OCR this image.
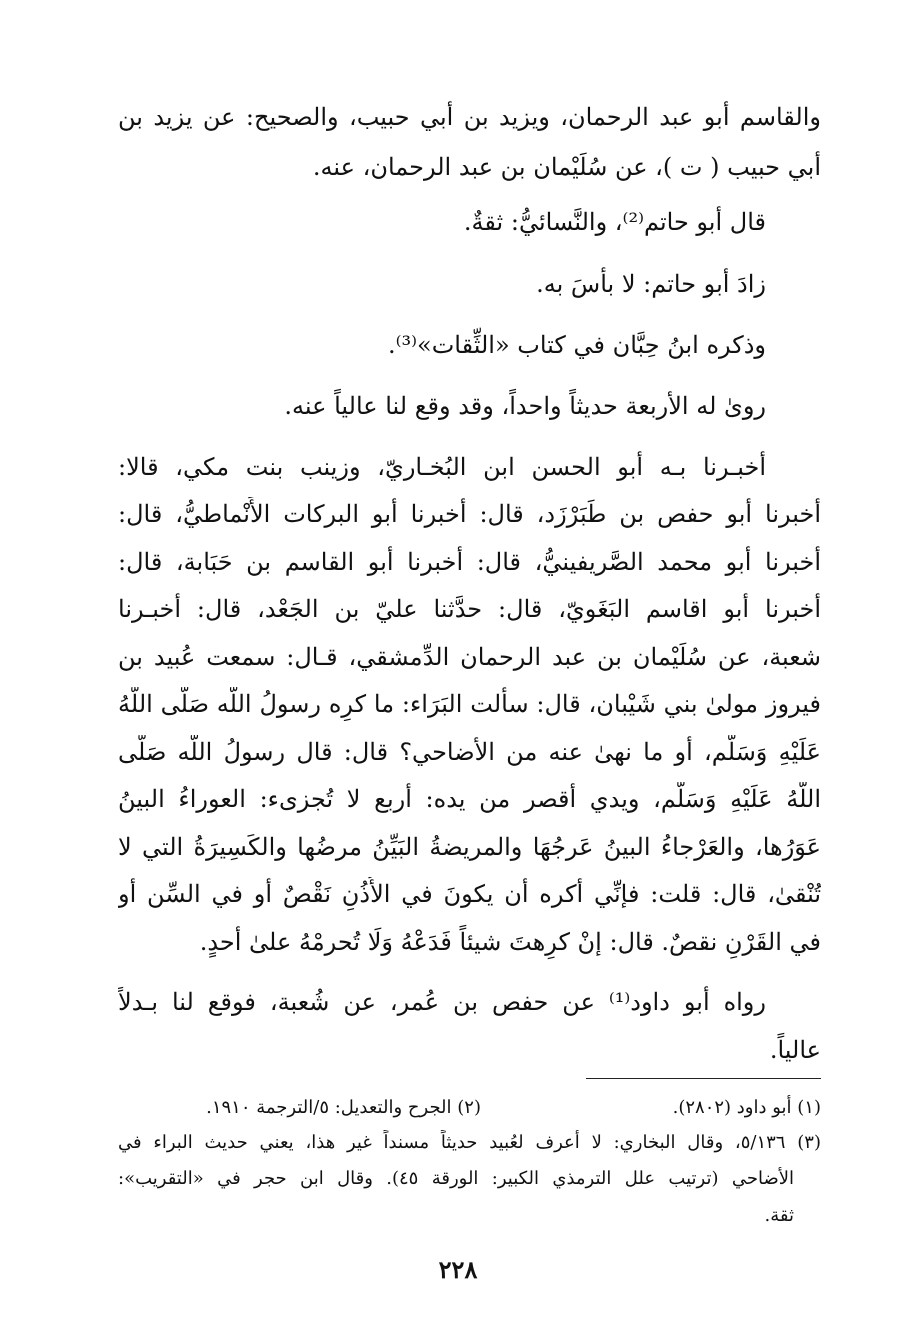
والقاسم أبو عبد الرحمان، ويزيد بن أبي حبيب، والصحيح: عن يزيد بن
أبي حبيب ( ت )، عن سُلَيْمان بن عبد الرحمان، عنه.
قال أبو حاتم⁽²⁾، والنَّسائيُّ: ثقةٌ.
زادَ أبو حاتم: لا بأسَ به.
وذكره ابنُ حِبَّان في كتاب «الثِّقات»⁽³⁾.
رویٰ له الأربعة حديثاً واحداً، وقد وقع لنا عالياً عنه.
أخبـرنا بـه أبو الحسن ابن البُخـاريّ، وزينب بنت مكي، قالا:
أخبرنا أبو حفص بن طَبَرْزَد، قال: أخبرنا أبو البركات الأَنْماطيُّ، قال:
أخبرنا أبو محمد الصَّريفينيُّ، قال: أخبرنا أبو القاسم بن حَبَابة، قال:
أخبرنا أبو اقاسم البَغَويّ، قال: حدَّثنا عليّ بن الجَعْد، قال: أخبـرنا
شعبة، عن سُلَيْمان بن عبد الرحمان الدِّمشقي، قـال: سمعت عُبيد بن
فيروز مولیٰ بني شَيْبان، قال: سألت البَرَاء: ما كرِه رسولُ اللَّه صَلَّى اللَّهُ
عَلَيْهِ وَسَلَّم، أو ما نهیٰ عنه من الأضاحي؟ قال: قال رسولُ اللَّه صَلَّى
اللَّهُ عَلَيْهِ وَسَلَّم، ويدي أقصر من يده: أربع لا تُجزىء: العوراءُ البينُ
عَوَرُها، والعَرْجاءُ البينُ عَرجُهَا والمريضةُ البَيِّنُ مرضُها والكَسِيرَةُ التي لا
تُنْقیٰ، قال: قلت: فإنِّي أكره أن يكونَ في الأُذُنِ نَقْصٌ أو في السِّن أو
في القَرْنِ نقصٌ. قال: إنْ كرِهتَ شيئاً فَدَعْهُ وَلَا تُحرمْهُ علیٰ أحدٍ.
رواه أبو داود⁽¹⁾ عن حفص بن عُمر، عن شُعبة، فوقع لنا بـدلاً
عالياً.
(١) أبو داود (٢٨٠٢).
(٢) الجرح والتعديل: ٥/الترجمة ١٩١٠.
(٣) ٥/١٣٦، وقال البخاري: لا أعرف لعُبيد حديثاً مسنداً غير هذا، يعني حديث البراء في
الأضاحي (ترتيب علل الترمذي الكبير: الورقة ٤٥). وقال ابن حجر في «التقريب»:
ثقة.
٢٢٨
